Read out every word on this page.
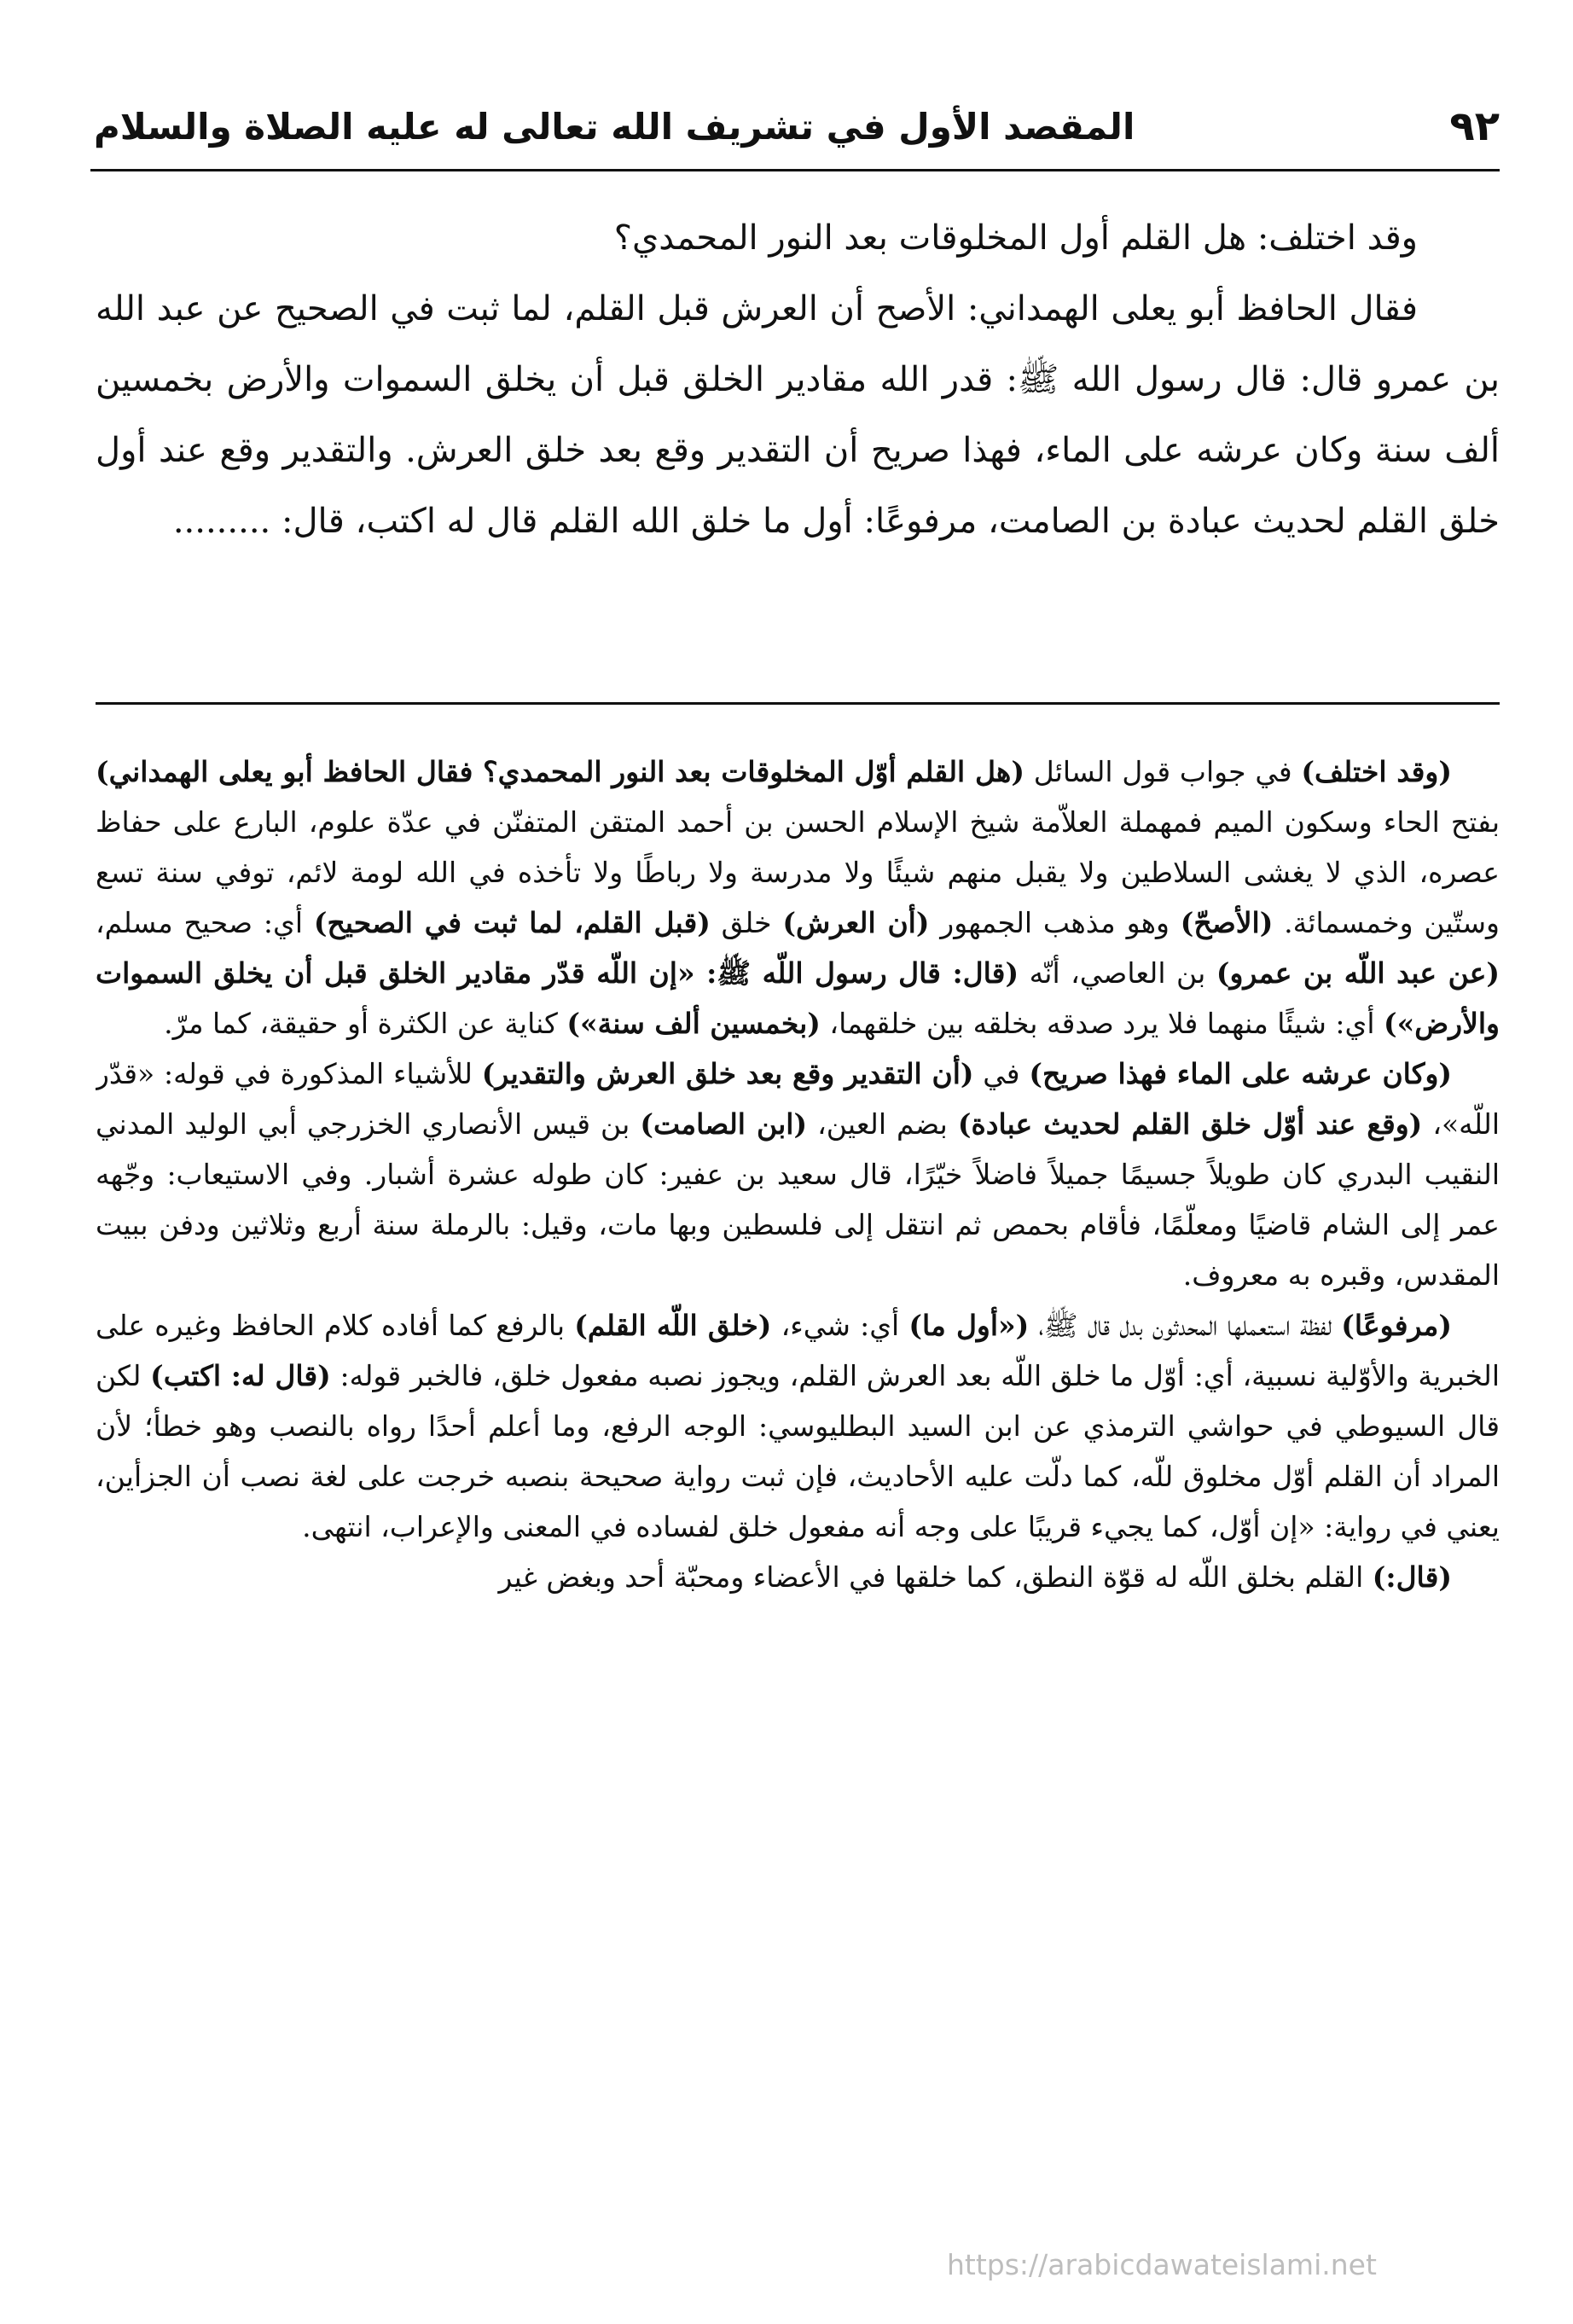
٩٢
المقصد الأول في تشريف الله تعالى له عليه الصلاة والسلام

وقد اختلف: هل القلم أول المخلوقات بعد النور المحمدي؟

فقال الحافظ أبو يعلى الهمداني: الأصح أن العرش قبل القلم، لما ثبت في الصحيح عن عبد الله بن عمرو قال: قال رسول الله ﷺ: قدر الله مقادير الخلق قبل أن يخلق السموات والأرض بخمسين ألف سنة وكان عرشه على الماء، فهذا صريح أن التقدير وقع بعد خلق العرش. والتقدير وقع عند أول خلق القلم لحديث عبادة بن الصامت، مرفوعًا: أول ما خلق الله القلم قال له اكتب، قال: .........

(وقد اختلف) في جواب قول السائل (هل القلم أوّل المخلوقات بعد النور المحمدي؟ فقال الحافظ أبو يعلى الهمداني) بفتح الحاء وسكون الميم فمهملة العلاّمة شيخ الإسلام الحسن بن أحمد المتقن المتفنّن في عدّة علوم، البارع على حفاظ عصره، الذي لا يغشى السلاطين ولا يقبل منهم شيئًا ولا مدرسة ولا رباطًا ولا تأخذه في الله لومة لائم، توفي سنة تسع وستّين وخمسمائة. (الأصحّ) وهو مذهب الجمهور (أن العرش) خلق (قبل القلم، لما ثبت في الصحيح) أي: صحيح مسلم، (عن عبد اللّه بن عمرو) بن العاصي، أنّه (قال: قال رسول اللّه ﷺ: «إن اللّه قدّر مقادير الخلق قبل أن يخلق السموات والأرض») أي: شيئًا منهما فلا يرد صدقه بخلقه بين خلقهما، (بخمسين ألف سنة») كناية عن الكثرة أو حقيقة، كما مرّ.

(وكان عرشه على الماء فهذا صريح) في (أن التقدير وقع بعد خلق العرش والتقدير) للأشياء المذكورة في قوله: «قدّر اللّه»، (وقع عند أوّل خلق القلم لحديث عبادة) بضم العين، (ابن الصامت) بن قيس الأنصاري الخزرجي أبي الوليد المدني النقيب البدري كان طويلاً جسيمًا جميلاً فاضلاً خيّرًا، قال سعيد بن عفير: كان طوله عشرة أشبار. وفي الاستيعاب: وجّهه عمر إلى الشام قاضيًا ومعلّمًا، فأقام بحمص ثم انتقل إلى فلسطين وبها مات، وقيل: بالرملة سنة أربع وثلاثين ودفن ببيت المقدس، وقبره به معروف.

(مرفوعًا) لفظة استعملها المحدثون بدل قال ﷺ، («أول ما) أي: شيء، (خلق اللّه القلم) بالرفع كما أفاده كلام الحافظ وغيره على الخبرية والأوّلية نسبية، أي: أوّل ما خلق اللّه بعد العرش القلم، ويجوز نصبه مفعول خلق، فالخبر قوله: (قال له: اكتب) لكن قال السيوطي في حواشي الترمذي عن ابن السيد البطليوسي: الوجه الرفع، وما أعلم أحدًا رواه بالنصب وهو خطأ؛ لأن المراد أن القلم أوّل مخلوق للّه، كما دلّت عليه الأحاديث، فإن ثبت رواية صحيحة بنصبه خرجت على لغة نصب أن الجزأين، يعني في رواية: «إن أوّل، كما يجيء قريبًا على وجه أنه مفعول خلق لفساده في المعنى والإعراب، انتهى.

(قال:) القلم بخلق اللّه له قوّة النطق، كما خلقها في الأعضاء ومحبّة أحد وبغض غير

https://arabicdawateislami.net
